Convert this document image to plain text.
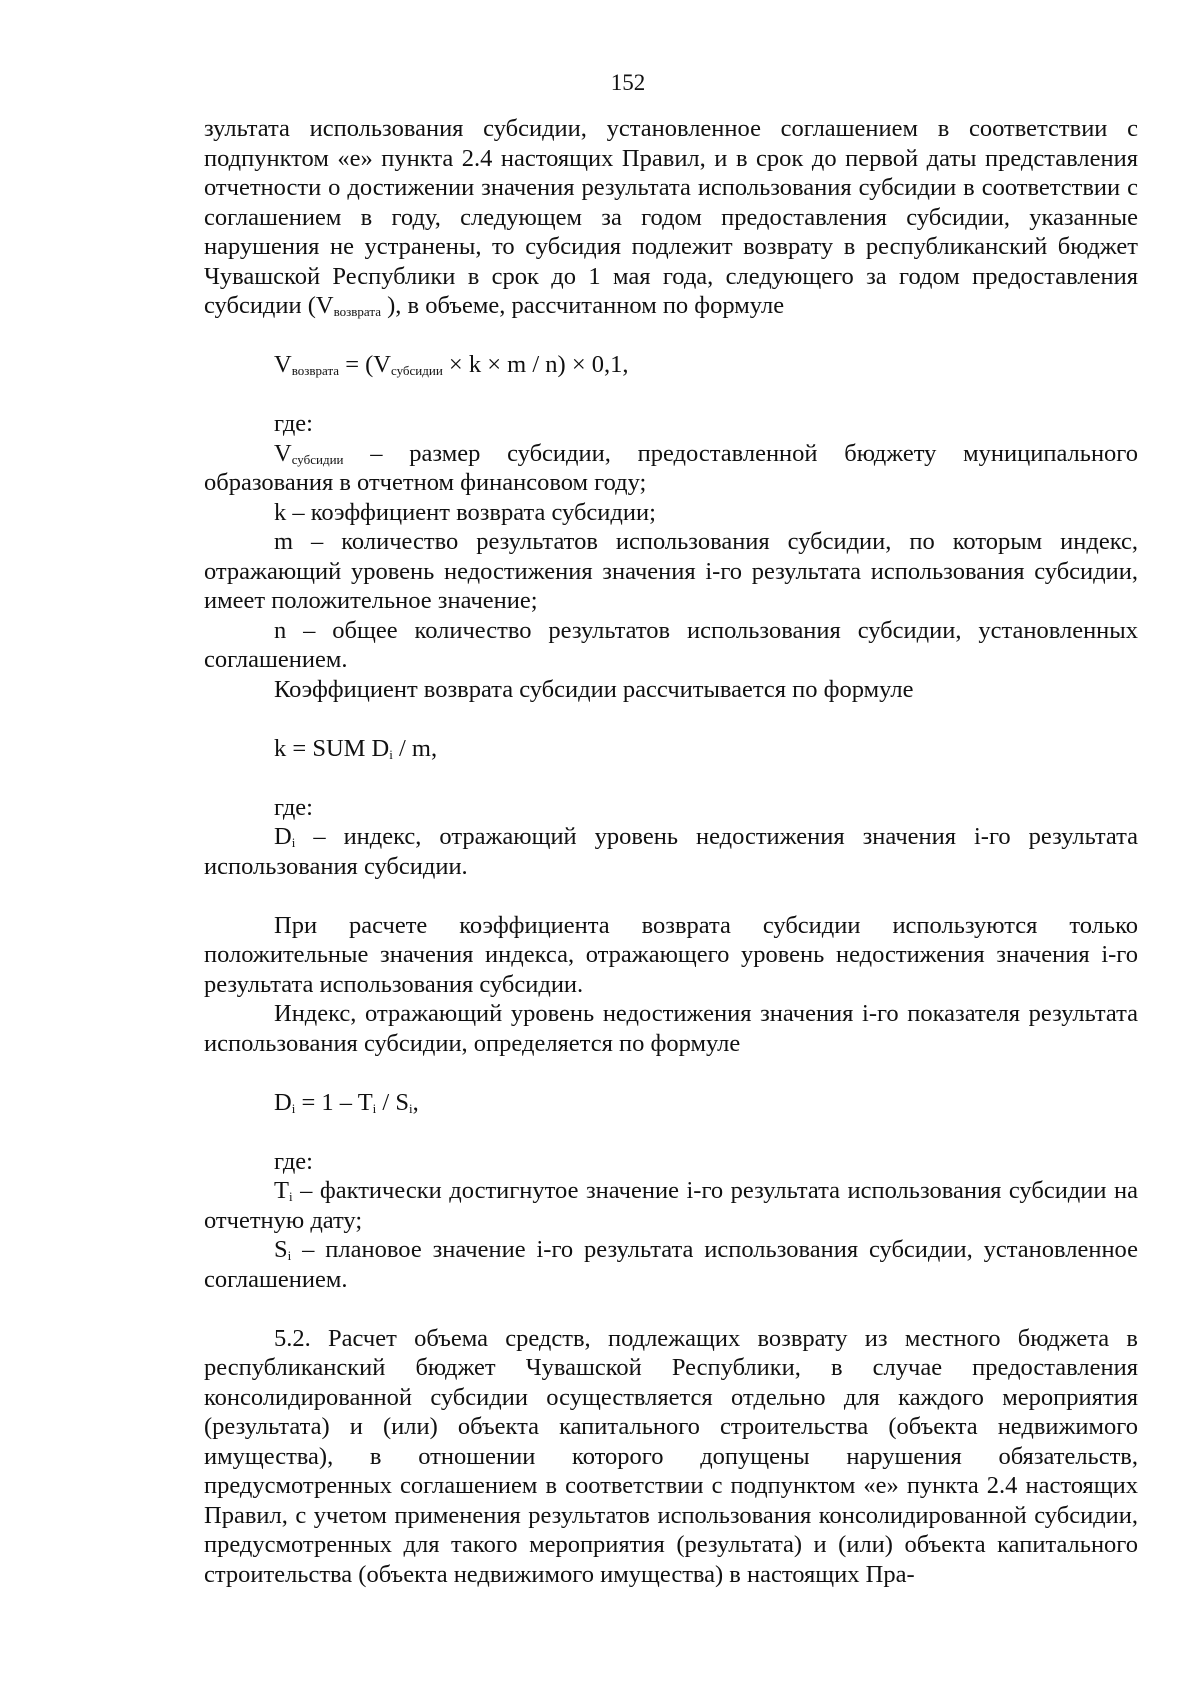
152

зультата использования субсидии, установленное соглашением в соответствии с подпунктом «е» пункта 2.4 настоящих Правил, и в срок до первой даты представления отчетности о достижении значения результата использования субсидии в соответствии с соглашением в году, следующем за годом предоставления субсидии, указанные нарушения не устранены, то субсидия подлежит возврату в республиканский бюджет Чувашской Республики в срок до 1 мая года, следующего за годом предоставления субсидии ($V_{возврата}$ ), в объеме, рассчитанном по формуле

$V_{возврата} = (V_{субсидии} \times k \times m / n) \times 0,1$,

где:

$V_{субсидии}$ – размер субсидии, предоставленной бюджету муниципального образования в отчетном финансовом году;

k – коэффициент возврата субсидии;

m – количество результатов использования субсидии, по которым индекс, отражающий уровень недостижения значения i-го результата использования субсидии, имеет положительное значение;

n – общее количество результатов использования субсидии, установленных соглашением.

Коэффициент возврата субсидии рассчитывается по формуле

k = SUM $D_i$ / m,

где:

$D_i$ – индекс, отражающий уровень недостижения значения i-го результата использования субсидии.

При расчете коэффициента возврата субсидии используются только положительные значения индекса, отражающего уровень недостижения значения i-го результата использования субсидии.

Индекс, отражающий уровень недостижения значения i-го показателя результата использования субсидии, определяется по формуле

$D_i = 1 - T_i / S_i$,

где:

$T_i$ – фактически достигнутое значение i-го результата использования субсидии на отчетную дату;

$S_i$ – плановое значение i-го результата использования субсидии, установленное соглашением.

5.2. Расчет объема средств, подлежащих возврату из местного бюджета в республиканский бюджет Чувашской Республики, в случае предоставления консолидированной субсидии осуществляется отдельно для каждого мероприятия (результата) и (или) объекта капитального строительства (объекта недвижимого имущества), в отношении которого допущены нарушения обязательств, предусмотренных соглашением в соответствии с подпунктом «е» пункта 2.4 настоящих Правил, с учетом применения результатов использования консолидированной субсидии, предусмотренных для такого мероприятия (результата) и (или) объекта капитального строительства (объекта недвижимого имущества) в настоящих Пра-
